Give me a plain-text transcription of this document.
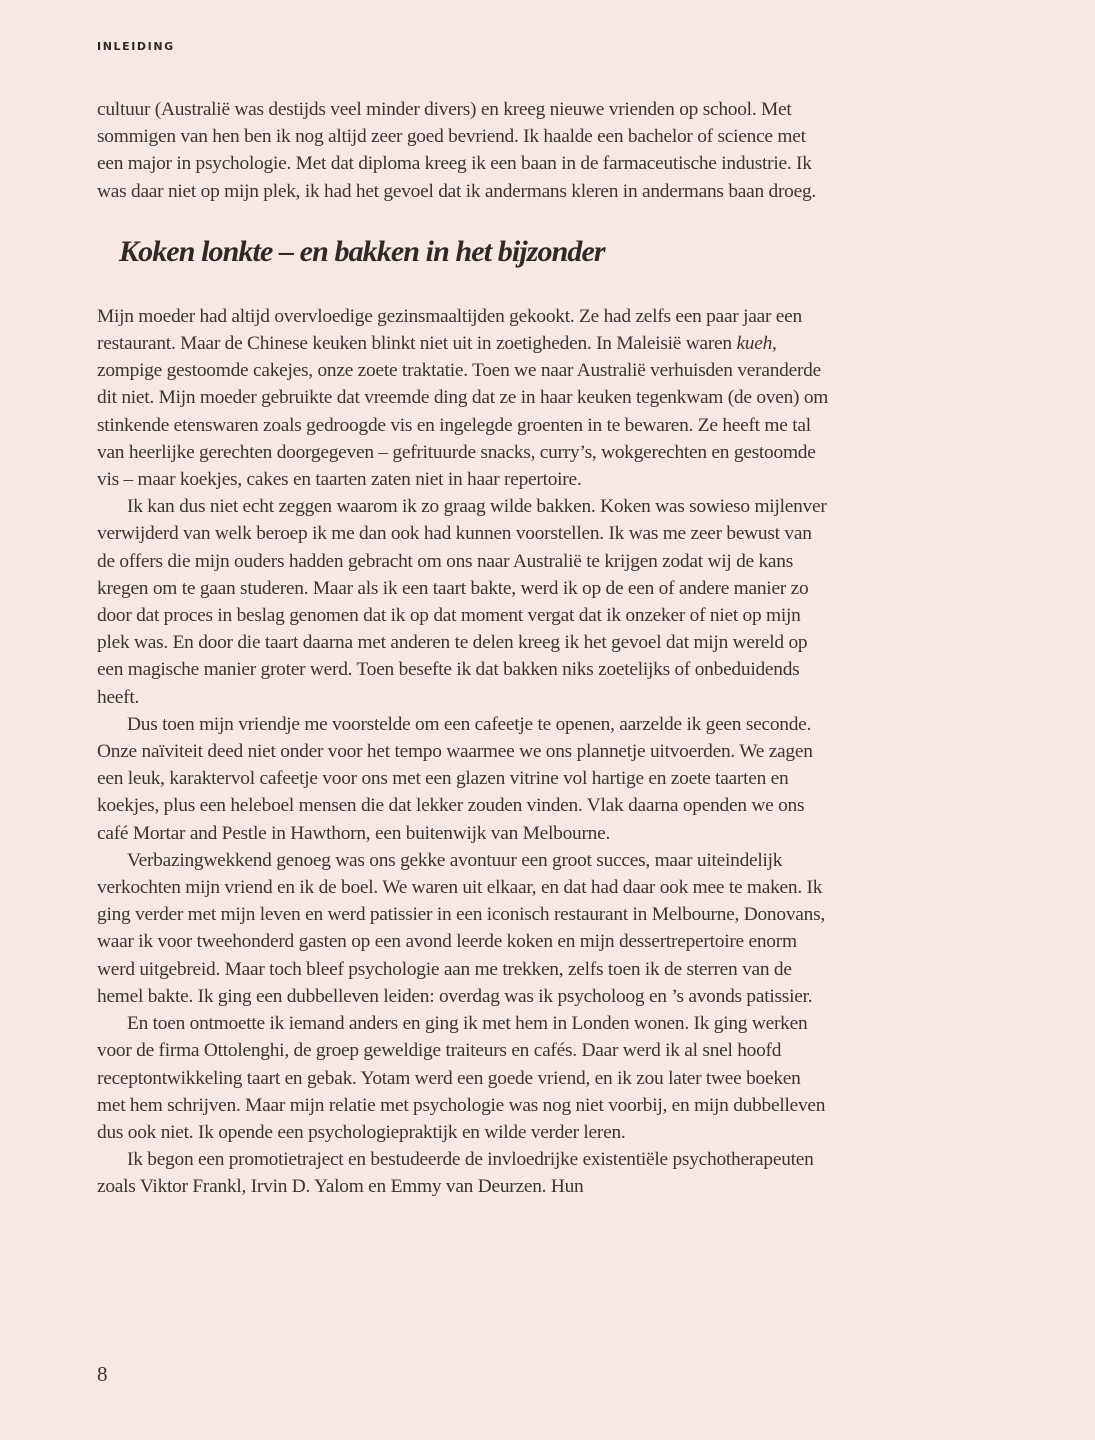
INLEIDING

cultuur (Australië was destijds veel minder divers) en kreeg nieuwe vrienden op school. Met sommigen van hen ben ik nog altijd zeer goed bevriend. Ik haalde een bachelor of science met een major in psychologie. Met dat diploma kreeg ik een baan in de farmaceutische industrie. Ik was daar niet op mijn plek, ik had het gevoel dat ik andermans kleren in andermans baan droeg.

Koken lonkte – en bakken in het bijzonder

Mijn moeder had altijd overvloedige gezinsmaaltijden gekookt. Ze had zelfs een paar jaar een restaurant. Maar de Chinese keuken blinkt niet uit in zoetigheden. In Maleisië waren kueh, zompige gestoomde cakejes, onze zoete traktatie. Toen we naar Australië verhuisden veranderde dit niet. Mijn moeder gebruikte dat vreemde ding dat ze in haar keuken tegenkwam (de oven) om stinkende etenswaren zoals gedroogde vis en ingelegde groenten in te bewaren. Ze heeft me tal van heerlijke gerechten doorgegeven – gefrituurde snacks, curry’s, wokgerechten en gestoomde vis – maar koekjes, cakes en taarten zaten niet in haar repertoire.

Ik kan dus niet echt zeggen waarom ik zo graag wilde bakken. Koken was sowieso mijlenver verwijderd van welk beroep ik me dan ook had kunnen voorstellen. Ik was me zeer bewust van de offers die mijn ouders hadden gebracht om ons naar Australië te krijgen zodat wij de kans kregen om te gaan studeren. Maar als ik een taart bakte, werd ik op de een of andere manier zo door dat proces in beslag genomen dat ik op dat moment vergat dat ik onzeker of niet op mijn plek was. En door die taart daarna met anderen te delen kreeg ik het gevoel dat mijn wereld op een magische manier groter werd. Toen besefte ik dat bakken niks zoetelijks of onbeduidends heeft.

Dus toen mijn vriendje me voorstelde om een cafeetje te openen, aarzelde ik geen seconde. Onze naïviteit deed niet onder voor het tempo waarmee we ons plannetje uitvoerden. We zagen een leuk, karaktervol cafeetje voor ons met een glazen vitrine vol hartige en zoete taarten en koekjes, plus een heleboel mensen die dat lekker zouden vinden. Vlak daarna openden we ons café Mortar and Pestle in Hawthorn, een buitenwijk van Melbourne.

Verbazingwekkend genoeg was ons gekke avontuur een groot succes, maar uiteindelijk verkochten mijn vriend en ik de boel. We waren uit elkaar, en dat had daar ook mee te maken. Ik ging verder met mijn leven en werd patissier in een iconisch restaurant in Melbourne, Donovans, waar ik voor tweehonderd gasten op een avond leerde koken en mijn dessertrepertoire enorm werd uitgebreid. Maar toch bleef psychologie aan me trekken, zelfs toen ik de sterren van de hemel bakte. Ik ging een dubbelleven leiden: overdag was ik psycholoog en ’s avonds patissier.

En toen ontmoette ik iemand anders en ging ik met hem in Londen wonen. Ik ging werken voor de firma Ottolenghi, de groep geweldige traiteurs en cafés. Daar werd ik al snel hoofd receptontwikkeling taart en gebak. Yotam werd een goede vriend, en ik zou later twee boeken met hem schrijven. Maar mijn relatie met psychologie was nog niet voorbij, en mijn dubbelleven dus ook niet. Ik opende een psychologiepraktijk en wilde verder leren.

Ik begon een promotietraject en bestudeerde de invloedrijke existentiële psychotherapeuten zoals Viktor Frankl, Irvin D. Yalom en Emmy van Deurzen. Hun

8
